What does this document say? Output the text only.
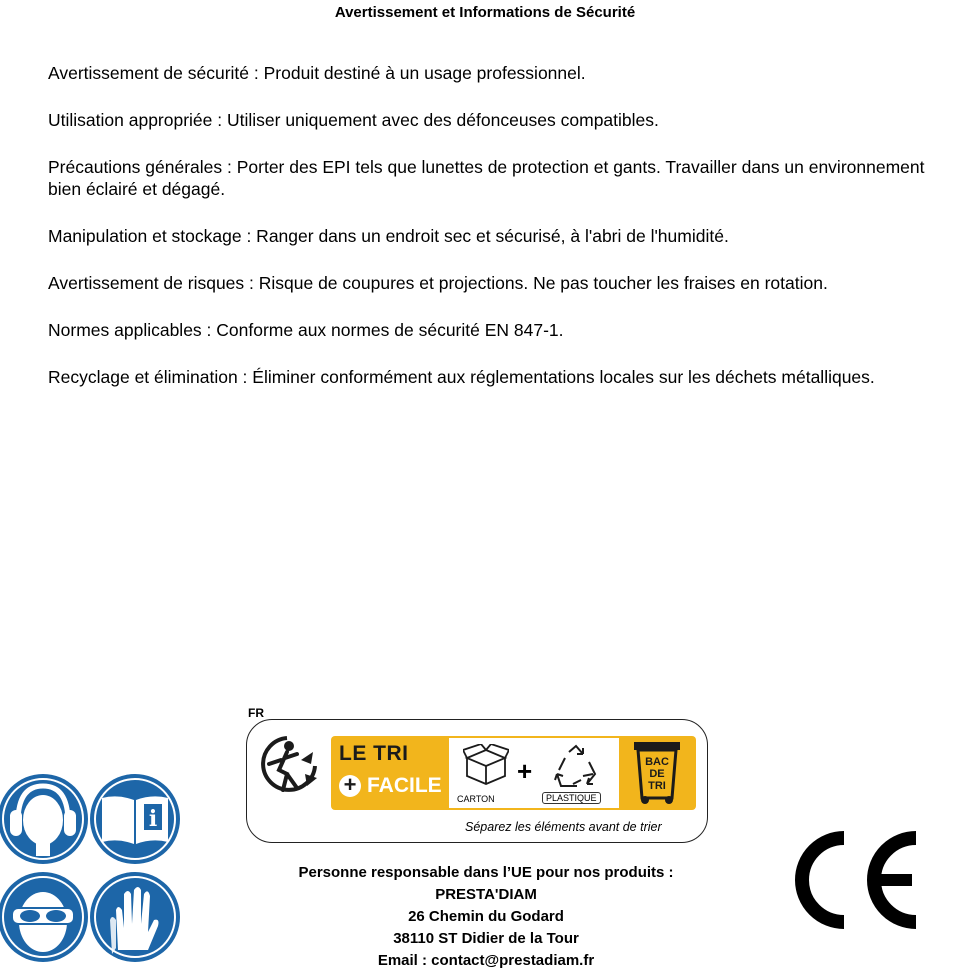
Avertissement et Informations de Sécurité

Avertissement de sécurité : Produit destiné à un usage professionnel.

Utilisation appropriée : Utiliser uniquement avec des défonceuses compatibles.

Précautions générales : Porter des EPI tels que lunettes de protection et gants. Travailler dans un environnement bien éclairé et dégagé.

Manipulation et stockage : Ranger dans un endroit sec et sécurisé, à l'abri de l'humidité.

Avertissement de risques : Risque de coupures et projections. Ne pas toucher les fraises en rotation.

Normes applicables : Conforme aux normes de sécurité EN 847-1.

Recyclage et élimination : Éliminer conformément aux réglementations locales sur les déchets métalliques.

i
FR
LE TRI
+ FACILE	+
CARTON	PLASTIQUE
BAC
DE
TRI
Séparez les éléments avant de trier
Personne responsable dans l’UE pour nos produits :
PRESTA'DIAM
26 Chemin du Godard
38110 ST Didier de la Tour
Email : contact@prestadiam.fr
